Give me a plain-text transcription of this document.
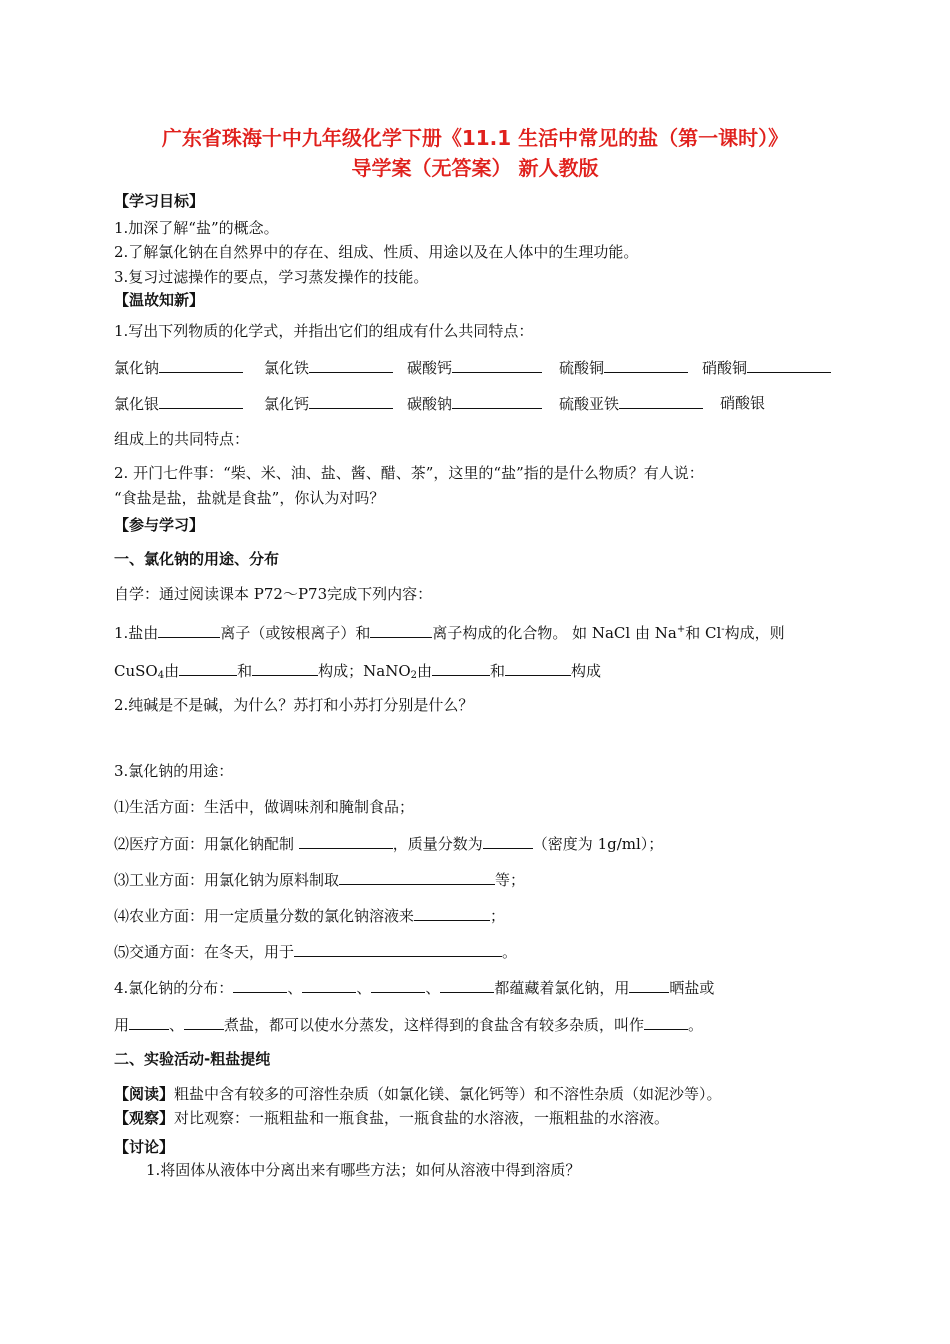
广东省珠海十中九年级化学下册《11.1 生活中常见的盐（第一课时）》
导学案（无答案） 新人教版
【学习目标】
1.加深了解“盐”的概念。
2.了解氯化钠在自然界中的存在、组成、性质、用途以及在人体中的生理功能。
3.复习过滤操作的要点，学习蒸发操作的技能。
【温故知新】
1.写出下列物质的化学式，并指出它们的组成有什么共同特点：
氯化钠	氯化铁	碳酸钙	硫酸铜	硝酸铜
氯化银	氯化钙	碳酸钠	硫酸亚铁	硝酸银
组成上的共同特点：
2. 开门七件事：“柴、米、油、盐、酱、醋、茶”，这里的“盐”指的是什么物质？有人说：
“食盐是盐，盐就是食盐”，你认为对吗？
【参与学习】
一、氯化钠的用途、分布
自学：通过阅读课本 P72～P73完成下列内容：
1.盐由	离子（或铵根离子）和	离子构成的化合物。 如 NaCl 由 Na+和 Cl-构成，则
CuSO$_4$由	和	构成；NaNO$_2$由	和	构成
2.纯碱是不是碱，为什么？苏打和小苏打分别是什么？
3.氯化钠的用途：
⑴生活方面：生活中，做调味剂和腌制食品；
⑵医疗方面：用氯化钠配制	，质量分数为	（密度为 1g/ml）；
⑶工业方面：用氯化钠为原料制取	等；
⑷农业方面：用一定质量分数的氯化钠溶液来	；
⑸交通方面：在冬天，用于	。
4.氯化钠的分布：	、	、	、	都蕴藏着氯化钠，用	晒盐或
用	、	煮盐，都可以使水分蒸发，这样得到的食盐含有较多杂质，叫作	。
二、实验活动-粗盐提纯
【阅读】粗盐中含有较多的可溶性杂质（如氯化镁、氯化钙等）和不溶性杂质（如泥沙等）。
【观察】对比观察：一瓶粗盐和一瓶食盐，一瓶食盐的水溶液，一瓶粗盐的水溶液。
【讨论】
1.将固体从液体中分离出来有哪些方法；如何从溶液中得到溶质？
